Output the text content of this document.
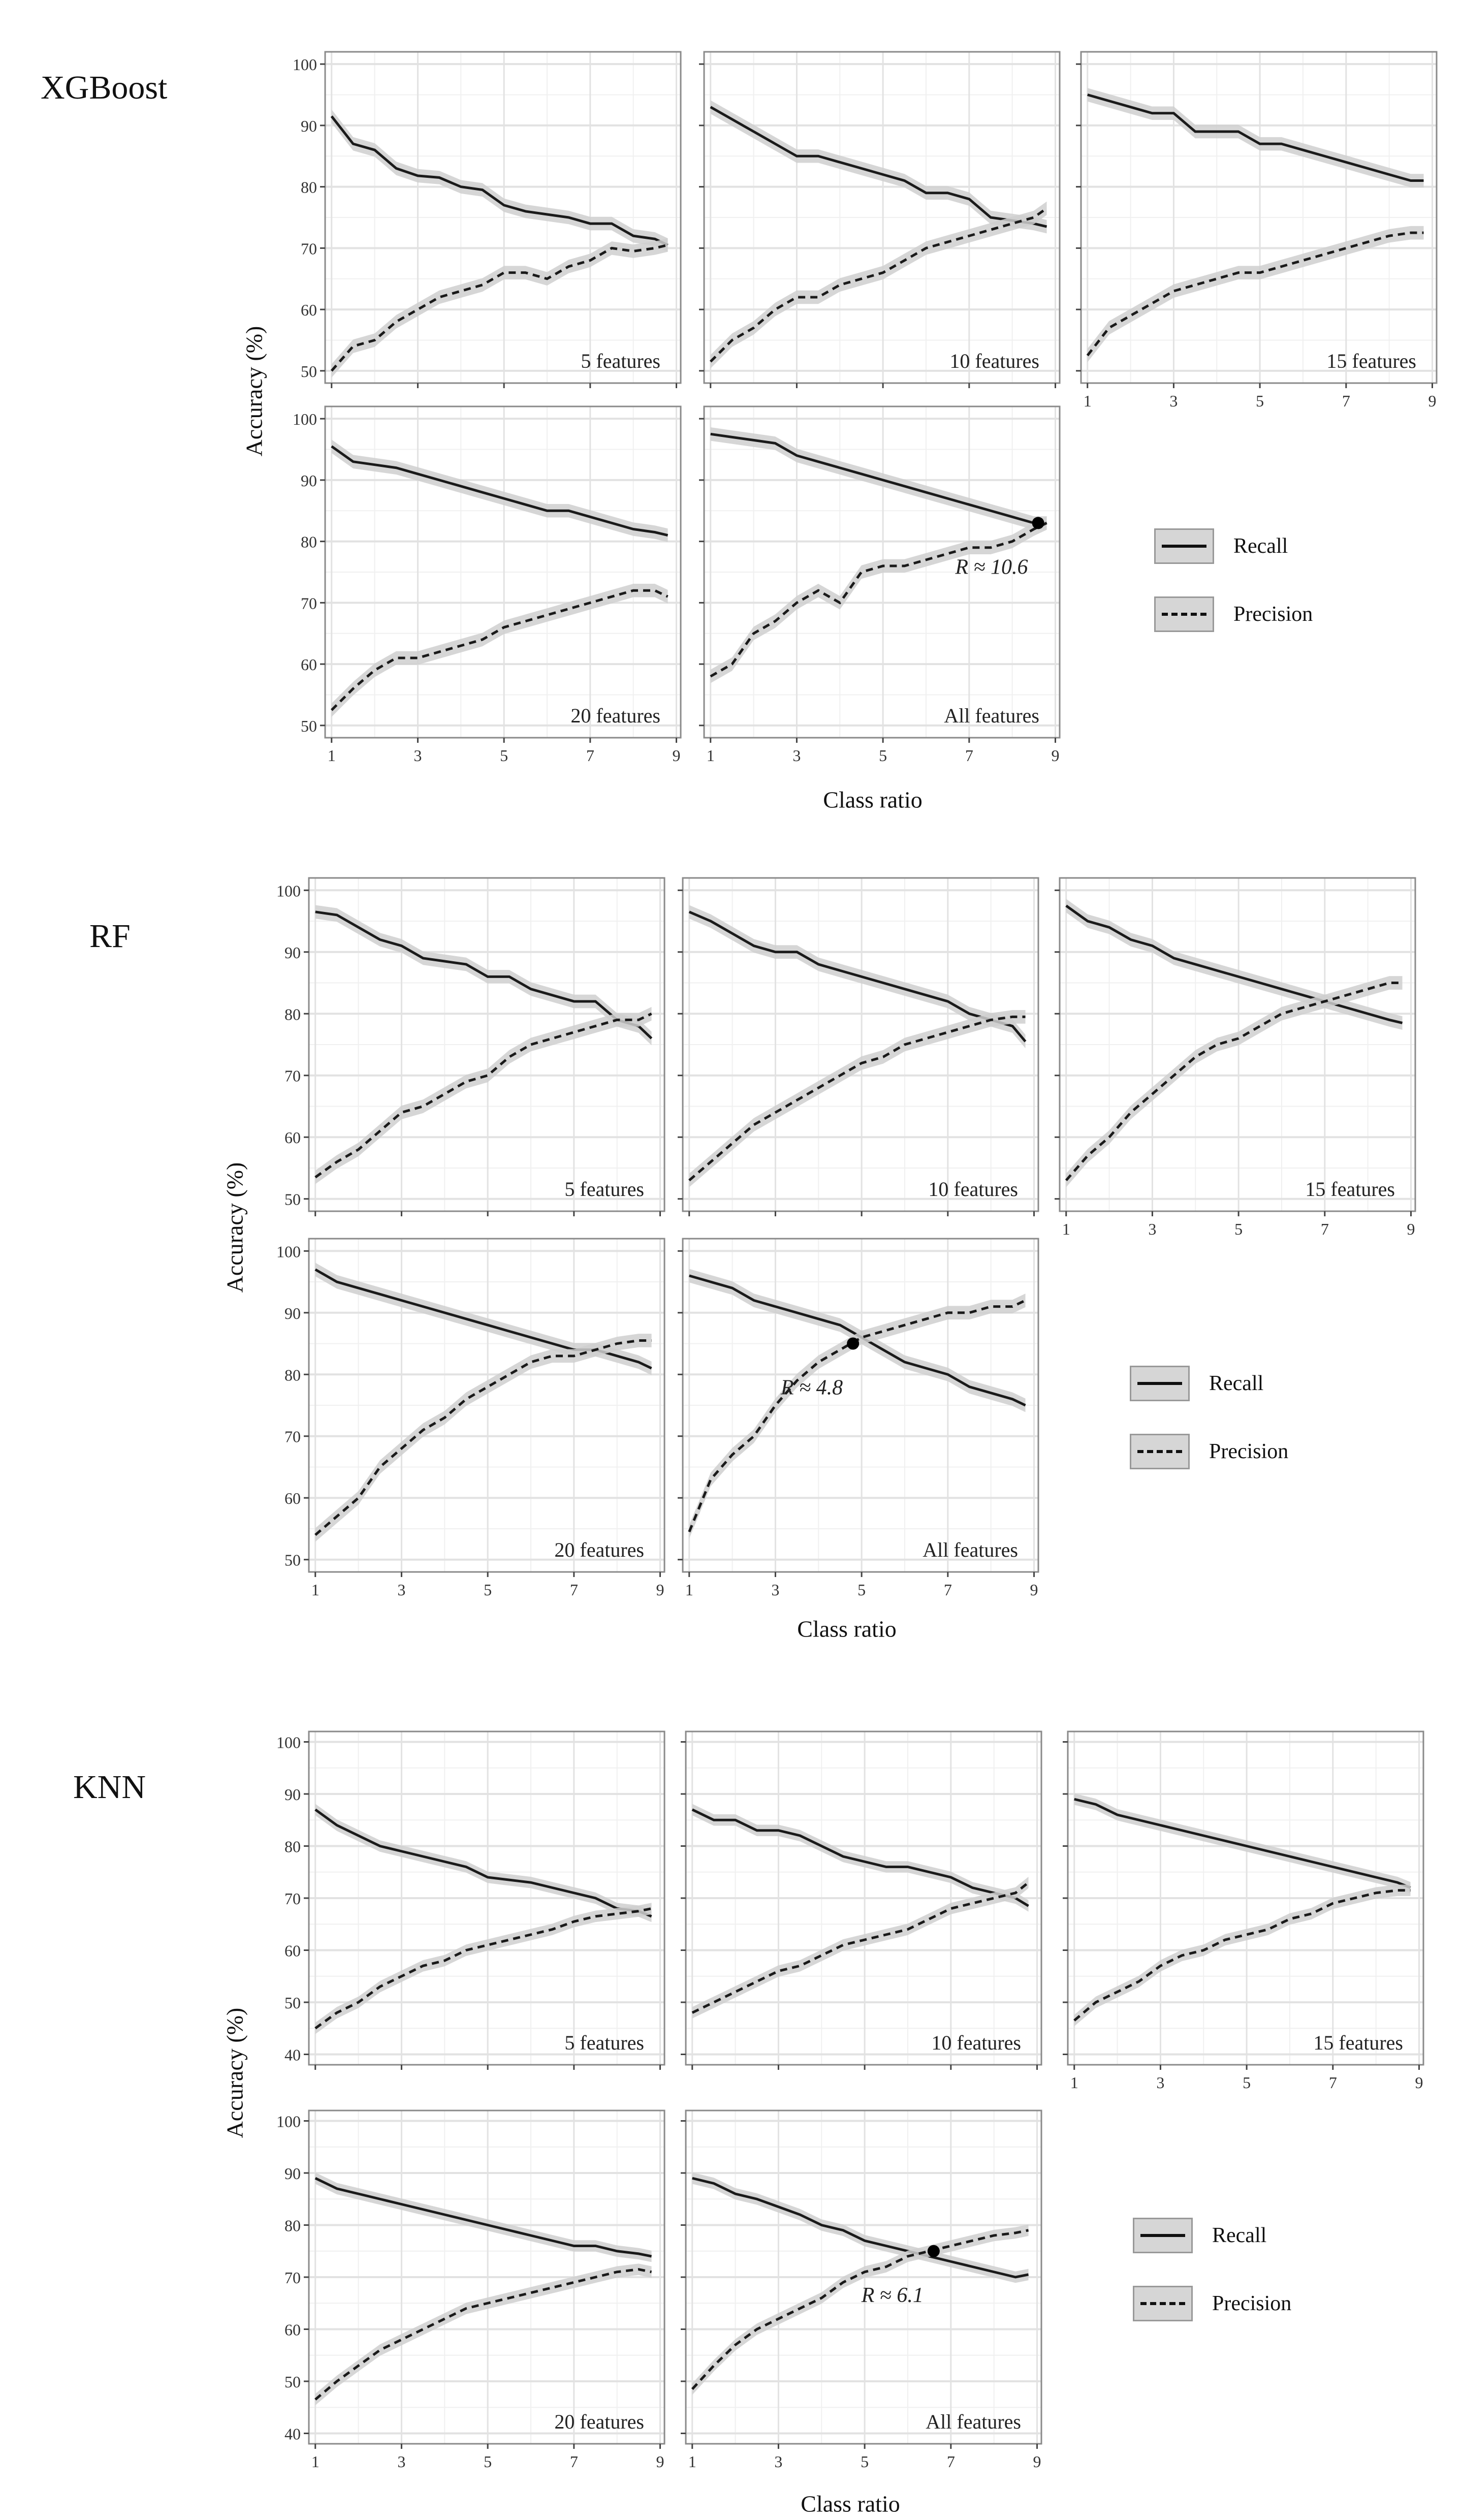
5 features
50
60
70
80
90
100
10 features	15 features
1	3	5	7	9
20 features
50
60
70
80
90
100
1	3	5	7	9
R ≈ 10.6
All features
1	3	5	7	9
5 features
50
60
70
80
90
100
10 features	15 features
1	3	5	7	9
20 features
50
60
70
80
90
100
1	3	5	7	9
R ≈ 4.8
All features
1	3	5	7	9
5 features
40
50
60
70
80
90
100
10 features	15 features
1	3	5	7	9
20 features
40
50
60
70
80
90
100
1	3	5	7	9
R ≈ 6.1
All features
1	3	5	7	9
XGBoost
Accuracy (%)
Class ratio
Recall
Precision
RF
Accuracy (%)
Class ratio
Recall
Precision
KNN
Accuracy (%)
Class ratio
Recall
Precision
